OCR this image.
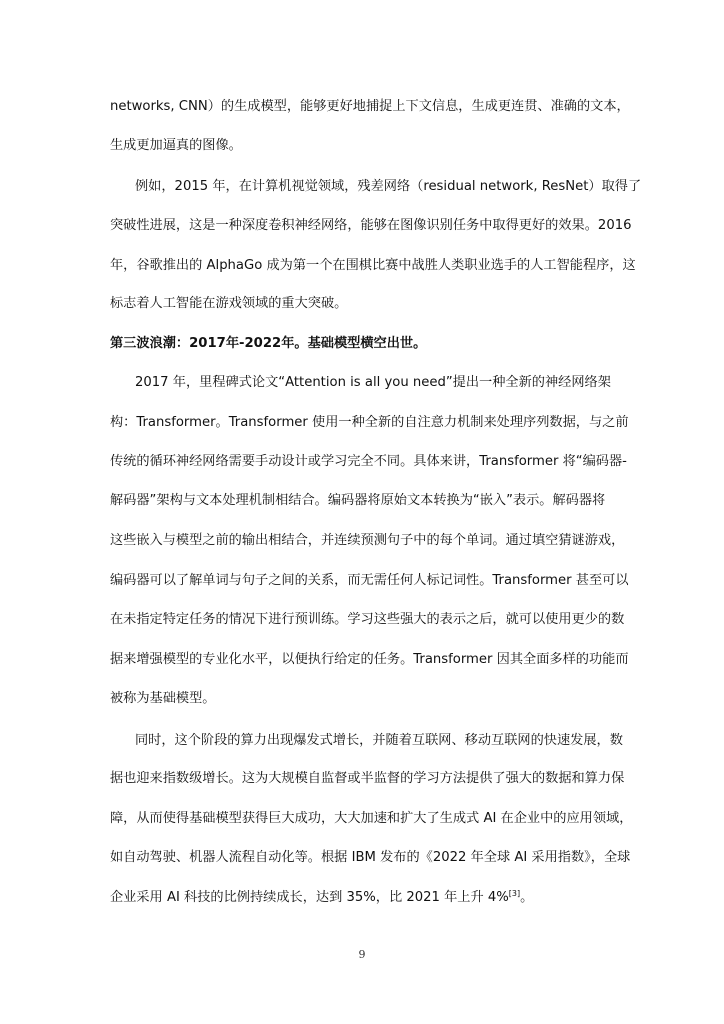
networks, CNN）的生成模型，能够更好地捕捉上下文信息，生成更连贯、准确的文本，
生成更加逼真的图像。
例如，2015 年，在计算机视觉领域，残差网络（residual network, ResNet）取得了
突破性进展，这是一种深度卷积神经网络，能够在图像识别任务中取得更好的效果。2016
年，谷歌推出的 AlphaGo 成为第一个在围棋比赛中战胜人类职业选手的人工智能程序，这
标志着人工智能在游戏领域的重大突破。
第三波浪潮：2017年-2022年。基础模型横空出世。
2017 年，里程碑式论文“Attention is all you need”提出一种全新的神经网络架
构：Transformer。Transformer 使用一种全新的自注意力机制来处理序列数据，与之前
传统的循环神经网络需要手动设计或学习完全不同。具体来讲，Transformer 将“编码器-
解码器”架构与文本处理机制相结合。编码器将原始文本转换为“嵌入”表示。解码器将
这些嵌入与模型之前的输出相结合，并连续预测句子中的每个单词。通过填空猜谜游戏，
编码器可以了解单词与句子之间的关系，而无需任何人标记词性。Transformer 甚至可以
在未指定特定任务的情况下进行预训练。学习这些强大的表示之后，就可以使用更少的数
据来增强模型的专业化水平，以便执行给定的任务。Transformer 因其全面多样的功能而
被称为基础模型。
同时，这个阶段的算力出现爆发式增长，并随着互联网、移动互联网的快速发展，数
据也迎来指数级增长。这为大规模自监督或半监督的学习方法提供了强大的数据和算力保
障，从而使得基础模型获得巨大成功，大大加速和扩大了生成式 AI 在企业中的应用领域，
如自动驾驶、机器人流程自动化等。根据 IBM 发布的《2022 年全球 AI 采用指数》，全球
企业采用 AI 科技的比例持续成长，达到 35%，比 2021 年上升 4%[3]。
9
